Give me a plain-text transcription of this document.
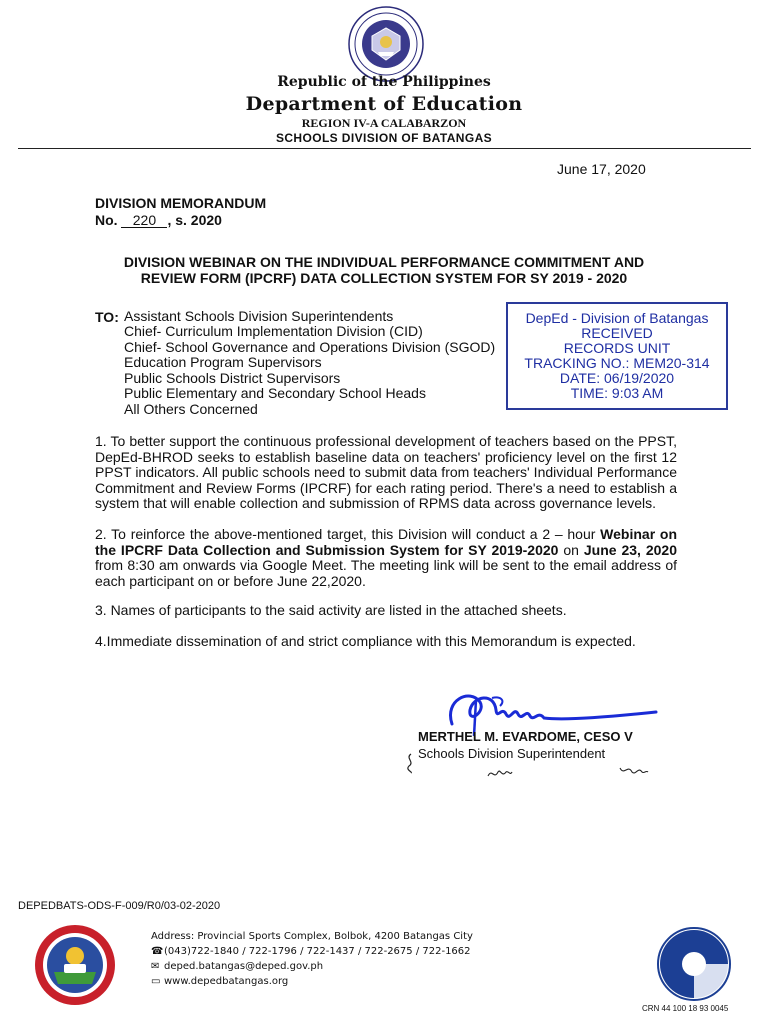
Republic of the Philippines
Department of Education
REGION IV-A CALABARZON
SCHOOLS DIVISION OF BATANGAS
June 17, 2020
DIVISION MEMORANDUM
No. 220 , s. 2020
DIVISION WEBINAR ON THE INDIVIDUAL PERFORMANCE COMMITMENT AND
REVIEW FORM (IPCRF) DATA COLLECTION SYSTEM FOR SY 2019 - 2020
TO: Assistant Schools Division Superintendents
Chief- Curriculum Implementation Division (CID)
Chief- School Governance and Operations Division (SGOD)
Education Program Supervisors
Public Schools District Supervisors
Public Elementary and Secondary School Heads
All Others Concerned
DepEd - Division of Batangas
RECEIVED
RECORDS UNIT
TRACKING NO.: MEM20-314
DATE: 06/19/2020
TIME: 9:03 AM
1. To better support the continuous professional development of teachers based on the PPST, DepEd-BHROD seeks to establish baseline data on teachers' proficiency level on the first 12 PPST indicators. All public schools need to submit data from teachers' Individual Performance Commitment and Review Forms (IPCRF) for each rating period. There's a need to establish a system that will enable collection and submission of RPMS data across governance levels.
2. To reinforce the above-mentioned target, this Division will conduct a 2 – hour Webinar on the IPCRF Data Collection and Submission System for SY 2019-2020 on June 23, 2020 from 8:30 am onwards via Google Meet. The meeting link will be sent to the email address of each participant on or before June 22,2020.
3. Names of participants to the said activity are listed in the attached sheets.
4.Immediate dissemination of and strict compliance with this Memorandum is expected.
MERTHEL M. EVARDOME, CESO V
Schools Division Superintendent
DEPEDBATS-ODS-F-009/R0/03-02-2020
Address: Provincial Sports Complex, Bolbok, 4200 Batangas City
☎(043)722-1840 / 722-1796 / 722-1437 / 722-2675 / 722-1662
✉ deped.batangas@deped.gov.ph
▭ www.depedbatangas.org
CRN 44 100 18 93 0045
